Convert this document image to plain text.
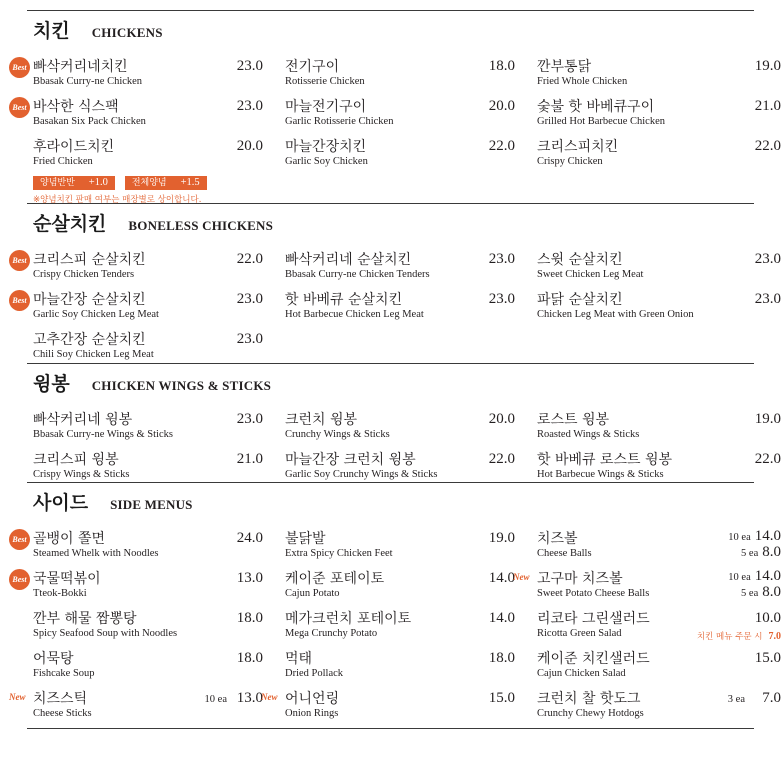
치킨 CHICKENS
Best 빠삭커리네치킨
Bbasak Curry-ne Chicken
23.0 전기구이
Rotisserie Chicken
18.0 깐부통닭
Fried Whole Chicken
19.0
Best 바삭한 식스팩
Basakan Six Pack Chicken
23.0 마늘전기구이
Garlic Rotisserie Chicken
20.0 숯불 핫 바베큐구이
Grilled Hot Barbecue Chicken
21.0
후라이드치킨
Fried Chicken
20.0 마늘간장치킨
Garlic Soy Chicken
22.0 크리스피치킨
Crispy Chicken
22.0
양념반반 +1.0	전체양념 +1.5
※양념치킨 판매 여부는 매장별로 상이합니다.
순살치킨 BONELESS CHICKENS
Best 크리스피 순살치킨
Crispy Chicken Tenders
22.0 빠삭커리네 순살치킨
Bbasak Curry-ne Chicken Tenders
23.0 스윗 순살치킨
Sweet Chicken Leg Meat
23.0
Best 마늘간장 순살치킨
Garlic Soy Chicken Leg Meat
23.0 핫 바베큐 순살치킨
Hot Barbecue Chicken Leg Meat
23.0 파닭 순살치킨
Chicken Leg Meat with Green Onion
23.0
고추간장 순살치킨
Chili Soy Chicken Leg Meat
23.0
윙봉 CHICKEN WINGS & STICKS
빠삭커리네 윙봉
Bbasak Curry-ne Wings & Sticks
23.0 크런치 윙봉
Crunchy Wings & Sticks
20.0 로스트 윙봉
Roasted Wings & Sticks
19.0
크리스피 윙봉
Crispy Wings & Sticks
21.0 마늘간장 크런치 윙봉
Garlic Soy Crunchy Wings & Sticks
22.0 핫 바베큐 로스트 윙봉
Hot Barbecue Wings & Sticks
22.0
사이드 SIDE MENUS
Best 골뱅이 쫄면
Steamed Whelk with Noodles
24.0 불닭발
Extra Spicy Chicken Feet
19.0 치즈볼
Cheese Balls
10 ea 14.0
5 ea 8.0
Best 국물떡볶이
Tteok-Bokki
13.0 케이준 포테이토
Cajun Potato
14.0
New 고구마 치즈볼
Sweet Potato Cheese Balls
10 ea 14.0
5 ea 8.0
깐부 해물 짬뽕탕
Spicy Seafood Soup with Noodles
18.0 메가크런치 포테이토
Mega Crunchy Potato
14.0 리코타 그린샐러드
Ricotta Green Salad
10.0
치킨 메뉴 주문 시 7.0
어묵탕
Fishcake Soup
18.0 먹태
Dried Pollack
18.0 케이준 치킨샐러드
Cajun Chicken Salad
15.0
New 치즈스틱
Cheese Sticks
13.0
10 ea	New 어니언링
Onion Rings
15.0 크런치 찰 핫도그
Crunchy Chewy Hotdogs
7.0
3 ea
